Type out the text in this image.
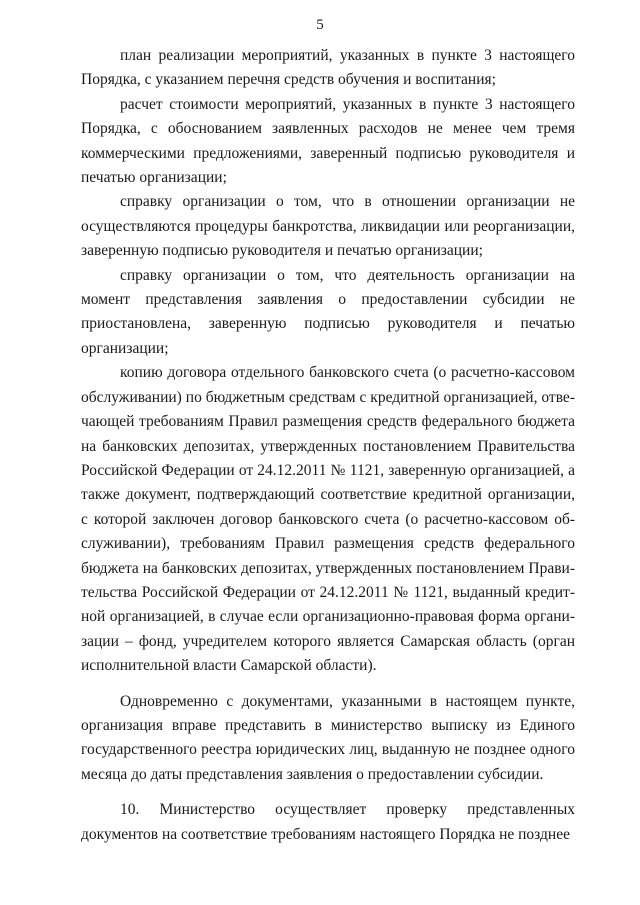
5

план реализации мероприятий, указанных в пункте 3 настоящего Порядка, с указанием перечня средств обучения и воспитания;

расчет стоимости мероприятий, указанных в пункте 3 настоящего Порядка, с обоснованием заявленных расходов не менее чем тремя коммерческими предложениями, заверенный подписью руководителя и печатью организации;

справку организации о том, что в отношении организации не осуществляются процедуры банкротства, ликвидации или реорганизации, заверенную подписью руководителя и печатью организации;

справку организации о том, что деятельность организации на момент представления заявления о предоставлении субсидии не приостановлена, заверенную подписью руководителя и печатью организации;

копию договора отдельного банковского счета (о расчетно-кассовом обслуживании) по бюджетным средствам с кредитной организацией, отвечающей требованиям Правил размещения средств федерального бюджета на банковских депозитах, утвержденных постановлением Правительства Российской Федерации от 24.12.2011 № 1121, заверенную организацией, а также документ, подтверждающий соответствие кредитной организации, с которой заключен договор банковского счета (о расчетно-кассовом обслуживании), требованиям Правил размещения средств федерального бюджета на банковских депозитах, утвержденных постановлением Правительства Российской Федерации от 24.12.2011 № 1121, выданный кредитной организацией, в случае если организационно-правовая форма организации – фонд, учредителем которого является Самарская область (орган исполнительной власти Самарской области).

Одновременно с документами, указанными в настоящем пункте, организация вправе представить в министерство выписку из Единого государственного реестра юридических лиц, выданную не позднее одного месяца до даты представления заявления о предоставлении субсидии.

10. Министерство осуществляет проверку представленных документов на соответствие требованиям настоящего Порядка не позднее
